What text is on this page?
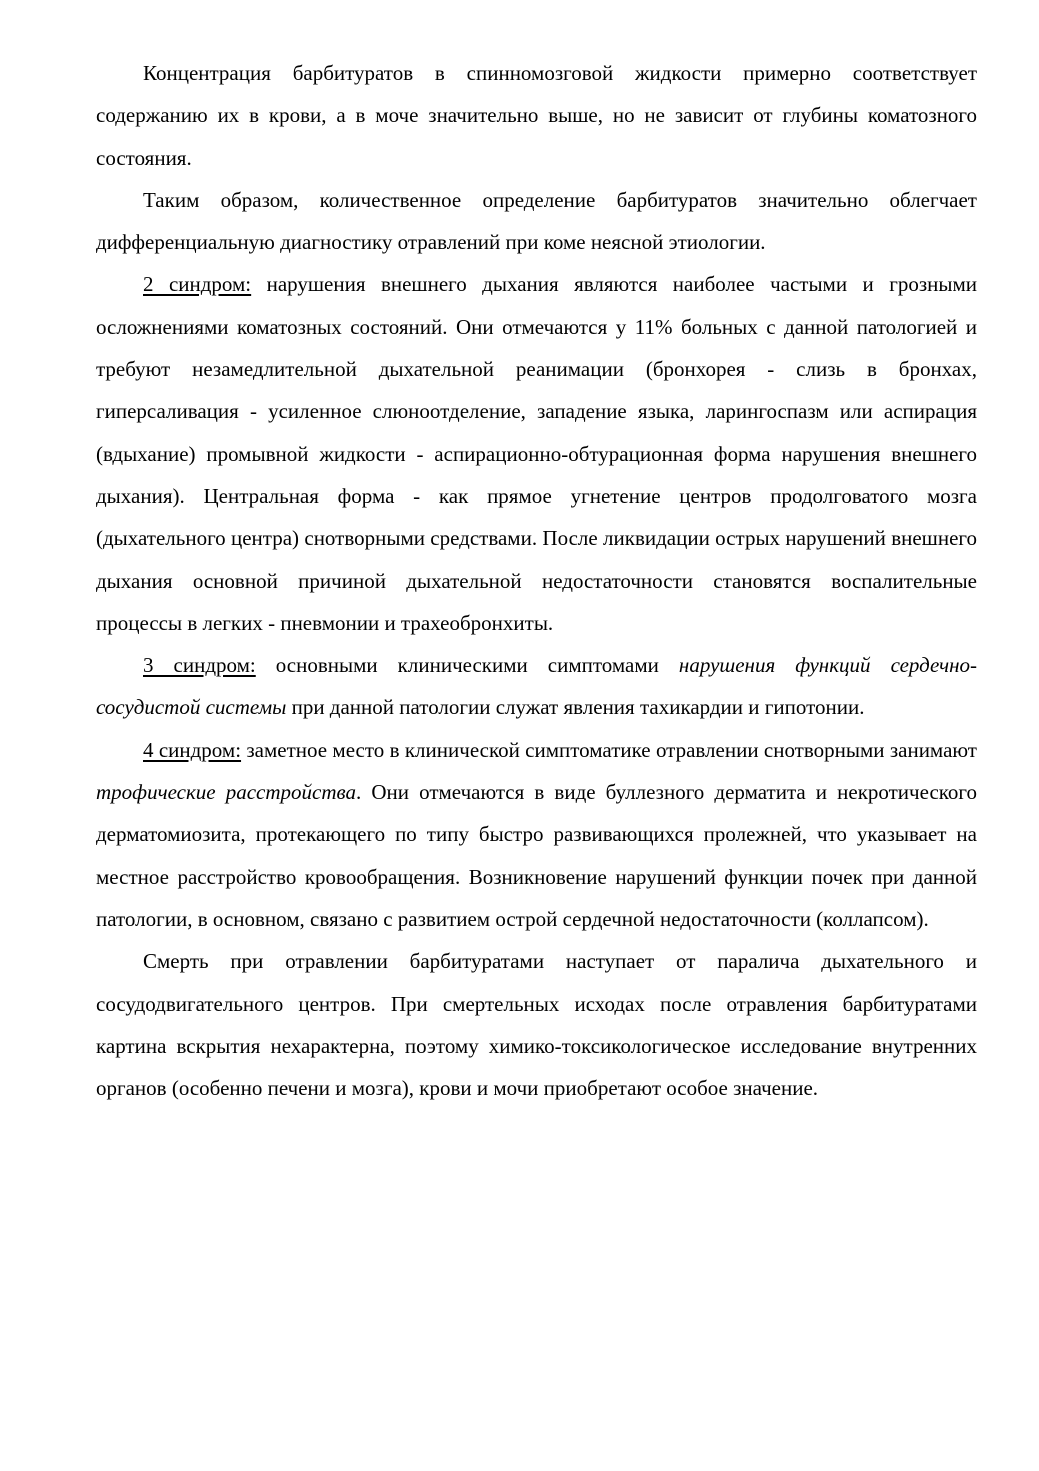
Концентрация барбитуратов в спинномозговой жидкости примерно соответствует содержанию их в крови, а в моче значительно выше, но не зависит от глубины коматозного состояния.

Таким образом, количественное определение барбитуратов значительно облегчает дифференциальную диагностику отравлений при коме неясной этиологии.

2 синдром: нарушения внешнего дыхания являются наиболее частыми и грозными осложнениями коматозных состояний. Они отмечаются у 11% больных с данной патологией и требуют незамедлительной дыхательной реанимации (бронхорея - слизь в бронхах, гиперсаливация - усиленное слюноотделение, западение языка, ларингоспазм или аспирация (вдыхание) промывной жидкости - аспирационно-обтурационная форма нарушения внешнего дыхания). Центральная форма - как прямое угнетение центров продолговатого мозга (дыхательного центра) снотворными средствами. После ликвидации острых нарушений внешнего дыхания основной причиной дыхательной недостаточности становятся воспалительные процессы в легких - пневмонии и трахеобронхиты.

3 синдром: основными клиническими симптомами нарушения функций сердечно-сосудистой системы при данной патологии служат явления тахикардии и гипотонии.

4 синдром: заметное место в клинической симптоматике отравлении снотворными занимают трофические расстройства. Они отмечаются в виде буллезного дерматита и некротического дерматомиозита, протекающего по типу быстро развивающихся пролежней, что указывает на местное расстройство кровообращения. Возникновение нарушений функции почек при данной патологии, в основном, связано с развитием острой сердечной недостаточности (коллапсом).

Смерть при отравлении барбитуратами наступает от паралича дыхательного и сосудодвигательного центров. При смертельных исходах после отравления барбитуратами картина вскрытия нехарактерна, поэтому химико-токсикологическое исследование внутренних органов (особенно печени и мозга), крови и мочи приобретают особое значение.
